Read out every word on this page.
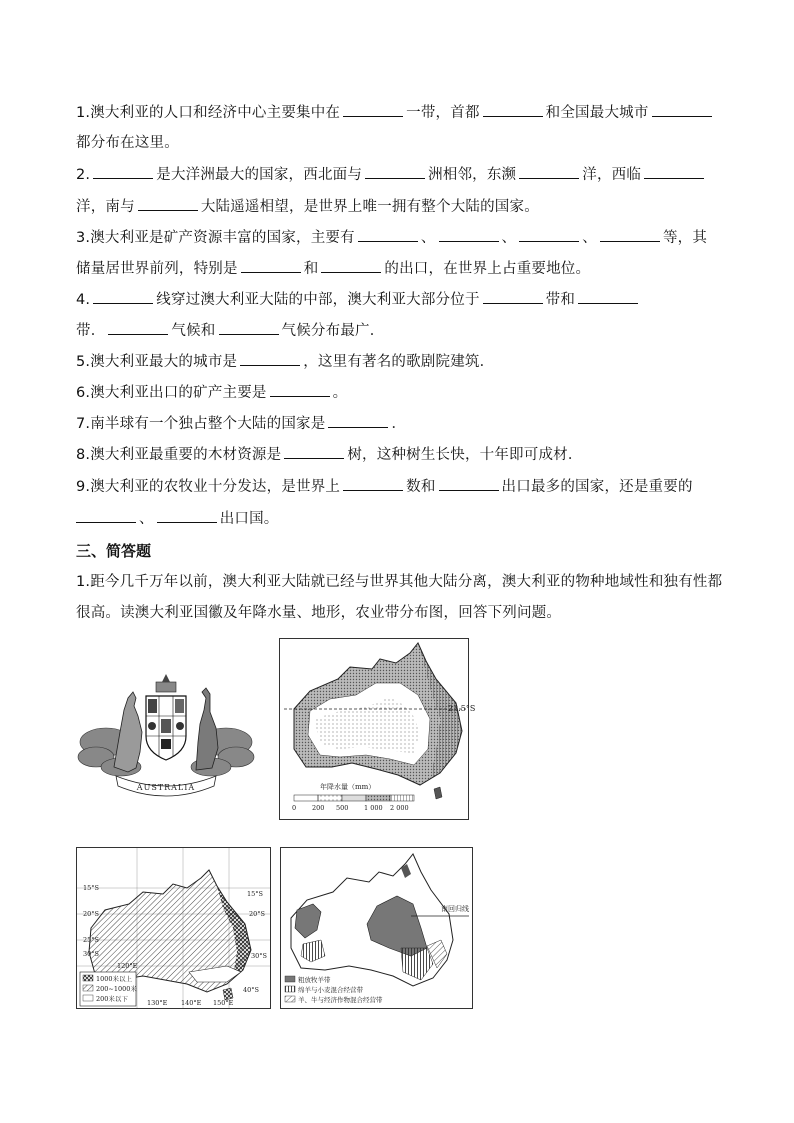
1.澳大利亚的人口和经济中心主要集中在	一带，首都	和全国最大城市
都分布在这里。
2.	是大洋洲最大的国家，西北面与	洲相邻，东濒	洋，西临
洋，南与	大陆遥遥相望，是世界上唯一拥有整个大陆的国家。
3.澳大利亚是矿产资源丰富的国家，主要有	、	、	、	等，其
储量居世界前列，特别是	和	的出口，在世界上占重要地位。
4.	线穿过澳大利亚大陆的中部，澳大利亚大部分位于	带和
带．	气候和	气候分布最广．
5.澳大利亚最大的城市是	，这里有著名的歌剧院建筑．
6.澳大利亚出口的矿产主要是	。
7.南半球有一个独占整个大陆的国家是	．
8.澳大利亚最重要的木材资源是	树，这种树生长快，十年即可成材．
9.澳大利亚的农牧业十分发达，是世界上	数和	出口最多的国家，还是重要的
、	出口国。
三、简答题
1.距今几千万年以前，澳大利亚大陆就已经与世界其他大陆分离，澳大利亚的物种地域性和独有性都
很高。读澳大利亚国徽及年降水量、地形，农业带分布图，回答下列问题。
AUSTRALIA
23.5°S
年降水量（mm）
0 200 500 1 000 2 000
15°S
20°S
25°S
30°S
15°S
20°S
30°S
40°S
120°E
130°E 140°E 150°E
1000米以上
200~1000米
200米以下
南回归线
粗放牧羊带
绵羊与小麦混合经营带
羊、牛与经济作物混合经营带
